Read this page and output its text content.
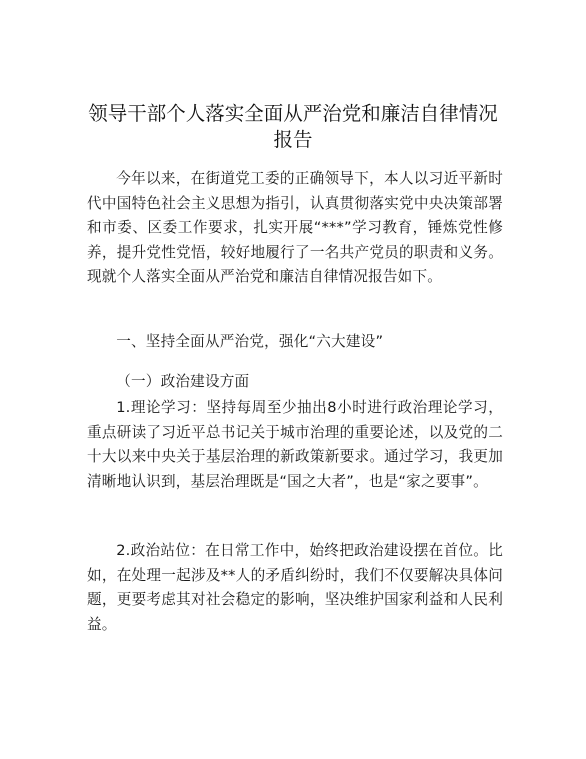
领导干部个人落实全面从严治党和廉洁自律情况报告
今年以来，在街道党工委的正确领导下，本人以习近平新时代中国特色社会主义思想为指引，认真贯彻落实党中央决策部署和市委、区委工作要求，扎实开展“***”学习教育，锤炼党性修养，提升党性党悟，较好地履行了一名共产党员的职责和义务。现就个人落实全面从严治党和廉洁自律情况报告如下。
一、坚持全面从严治党，强化“六大建设”
（一）政治建设方面
1.理论学习：坚持每周至少抽出8小时进行政治理论学习，重点研读了习近平总书记关于城市治理的重要论述，以及党的二十大以来中央关于基层治理的新政策新要求。通过学习，我更加清晰地认识到，基层治理既是“国之大者”，也是“家之要事”。
2.政治站位：在日常工作中，始终把政治建设摆在首位。比如，在处理一起涉及**人的矛盾纠纷时，我们不仅要解决具体问题，更要考虑其对社会稳定的影响，坚决维护国家利益和人民利益。
